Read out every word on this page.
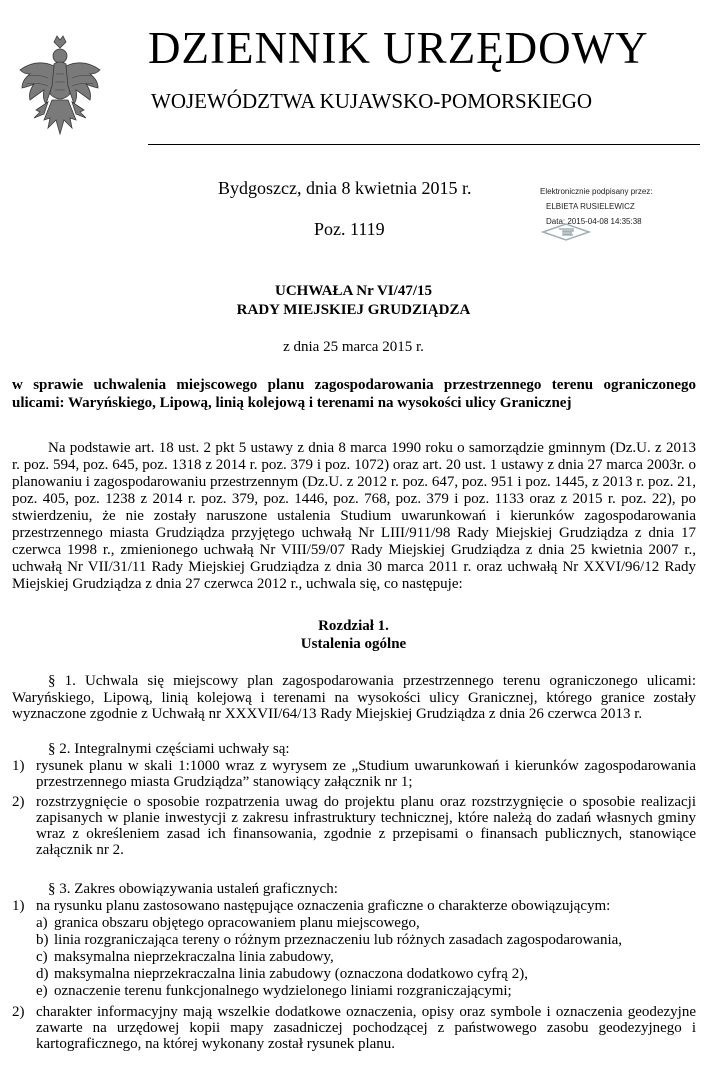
DZIENNIK URZĘDOWY
WOJEWÓDZTWA KUJAWSKO-POMORSKIEGO
Bydgoszcz, dnia 8 kwietnia 2015 r.
Poz. 1119
Elektronicznie podpisany przez:
ELBIETA RUSIELEWICZ
Data: 2015-04-08 14:35:38
UCHWAŁA Nr VI/47/15
RADY MIEJSKIEJ GRUDZIĄDZA
z dnia 25 marca 2015 r.
w sprawie uchwalenia miejscowego planu zagospodarowania przestrzennego terenu ograniczonego ulicami: Waryńskiego, Lipową, linią kolejową i terenami na wysokości ulicy Granicznej
Na podstawie art. 18 ust. 2 pkt 5 ustawy z dnia 8 marca 1990 roku o samorządzie gminnym (Dz.U. z 2013 r. poz. 594, poz. 645, poz. 1318 z 2014 r. poz. 379 i poz. 1072) oraz art. 20 ust. 1 ustawy z dnia 27 marca 2003r. o planowaniu i zagospodarowaniu przestrzennym (Dz.U. z 2012 r. poz. 647, poz. 951 i poz. 1445, z 2013 r. poz. 21, poz. 405, poz. 1238 z 2014 r. poz. 379, poz. 1446, poz. 768, poz. 379 i poz. 1133 oraz z 2015 r. poz. 22), po stwierdzeniu, że nie zostały naruszone ustalenia Studium uwarunkowań i kierunków zagospodarowania przestrzennego miasta Grudziądza przyjętego uchwałą Nr LIII/911/98 Rady Miejskiej Grudziądza z dnia 17 czerwca 1998 r., zmienionego uchwałą Nr VIII/59/07 Rady Miejskiej Grudziądza z dnia 25 kwietnia 2007 r., uchwałą Nr VII/31/11 Rady Miejskiej Grudziądza z dnia 30 marca 2011 r. oraz uchwałą Nr XXVI/96/12 Rady Miejskiej Grudziądza z dnia 27 czerwca 2012 r., uchwala się, co następuje:
Rozdział 1.
Ustalenia ogólne
§ 1. Uchwala się miejscowy plan zagospodarowania przestrzennego terenu ograniczonego ulicami: Waryńskiego, Lipową, linią kolejową i terenami na wysokości ulicy Granicznej, którego granice zostały wyznaczone zgodnie z Uchwałą nr XXXVII/64/13 Rady Miejskiej Grudziądza z dnia 26 czerwca 2013 r.
§ 2. Integralnymi częściami uchwały są:
1) rysunek planu w skali 1:1000 wraz z wyrysem ze „Studium uwarunkowań i kierunków zagospodarowania przestrzennego miasta Grudziądza” stanowiący załącznik nr 1;
2) rozstrzygnięcie o sposobie rozpatrzenia uwag do projektu planu oraz rozstrzygnięcie o sposobie realizacji zapisanych w planie inwestycji z zakresu infrastruktury technicznej, które należą do zadań własnych gminy wraz z określeniem zasad ich finansowania, zgodnie z przepisami o finansach publicznych, stanowiące załącznik nr 2.
§ 3. Zakres obowiązywania ustaleń graficznych:
1) na rysunku planu zastosowano następujące oznaczenia graficzne o charakterze obowiązującym:
a) granica obszaru objętego opracowaniem planu miejscowego,
b) linia rozgraniczająca tereny o różnym przeznaczeniu lub różnych zasadach zagospodarowania,
c) maksymalna nieprzekraczalna linia zabudowy,
d) maksymalna nieprzekraczalna linia zabudowy (oznaczona dodatkowo cyfrą 2),
e) oznaczenie terenu funkcjonalnego wydzielonego liniami rozgraniczającymi;
2) charakter informacyjny mają wszelkie dodatkowe oznaczenia, opisy oraz symbole i oznaczenia geodezyjne zawarte na urzędowej kopii mapy zasadniczej pochodzącej z państwowego zasobu geodezyjnego i kartograficznego, na której wykonany został rysunek planu.
